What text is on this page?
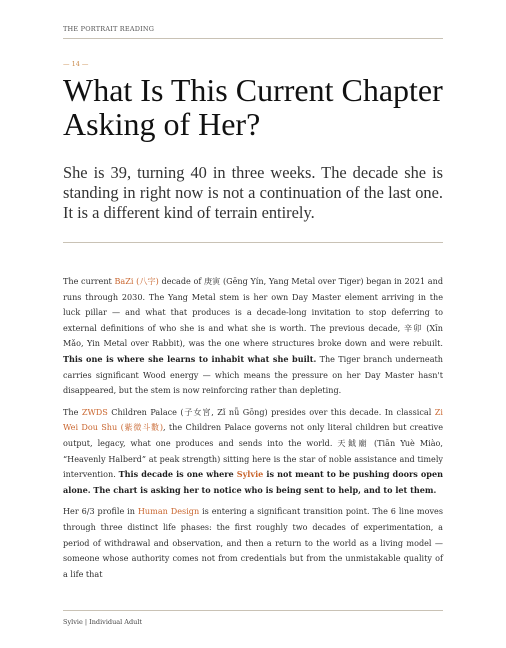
THE PORTRAIT READING
— 14 —
What Is This Current Chapter Asking of Her?

She is 39, turning 40 in three weeks. The decade she is standing in right now is not a continuation of the last one. It is a different kind of terrain entirely.

The current BaZi (八字) decade of 庚寅 (Gēng Yín, Yang Metal over Tiger) began in 2021 and runs through 2030. The Yang Metal stem is her own Day Master element arriving in the luck pillar — and what that produces is a decade-long invitation to stop deferring to external definitions of who she is and what she is worth. The previous decade, 辛卯 (Xīn Mǎo, Yin Metal over Rabbit), was the one where structures broke down and were rebuilt. This one is where she learns to inhabit what she built. The Tiger branch underneath carries significant Wood energy — which means the pressure on her Day Master hasn't disappeared, but the stem is now reinforcing rather than depleting.

The ZWDS Children Palace (子女宮, Zǐ nǚ Gōng) presides over this decade. In classical Zi Wei Dou Shu (紫微斗數), the Children Palace governs not only literal children but creative output, legacy, what one produces and sends into the world. 天鉞廟 (Tiān Yuè Miào, “Heavenly Halberd” at peak strength) sitting here is the star of noble assistance and timely intervention. This decade is one where Sylvie is not meant to be pushing doors open alone. The chart is asking her to notice who is being sent to help, and to let them.

Her 6/3 profile in Human Design is entering a significant transition point. The 6 line moves through three distinct life phases: the first roughly two decades of experimentation, a period of withdrawal and observation, and then a return to the world as a living model — someone whose authority comes not from credentials but from the unmistakable quality of a life that

Sylvie | Individual Adult
